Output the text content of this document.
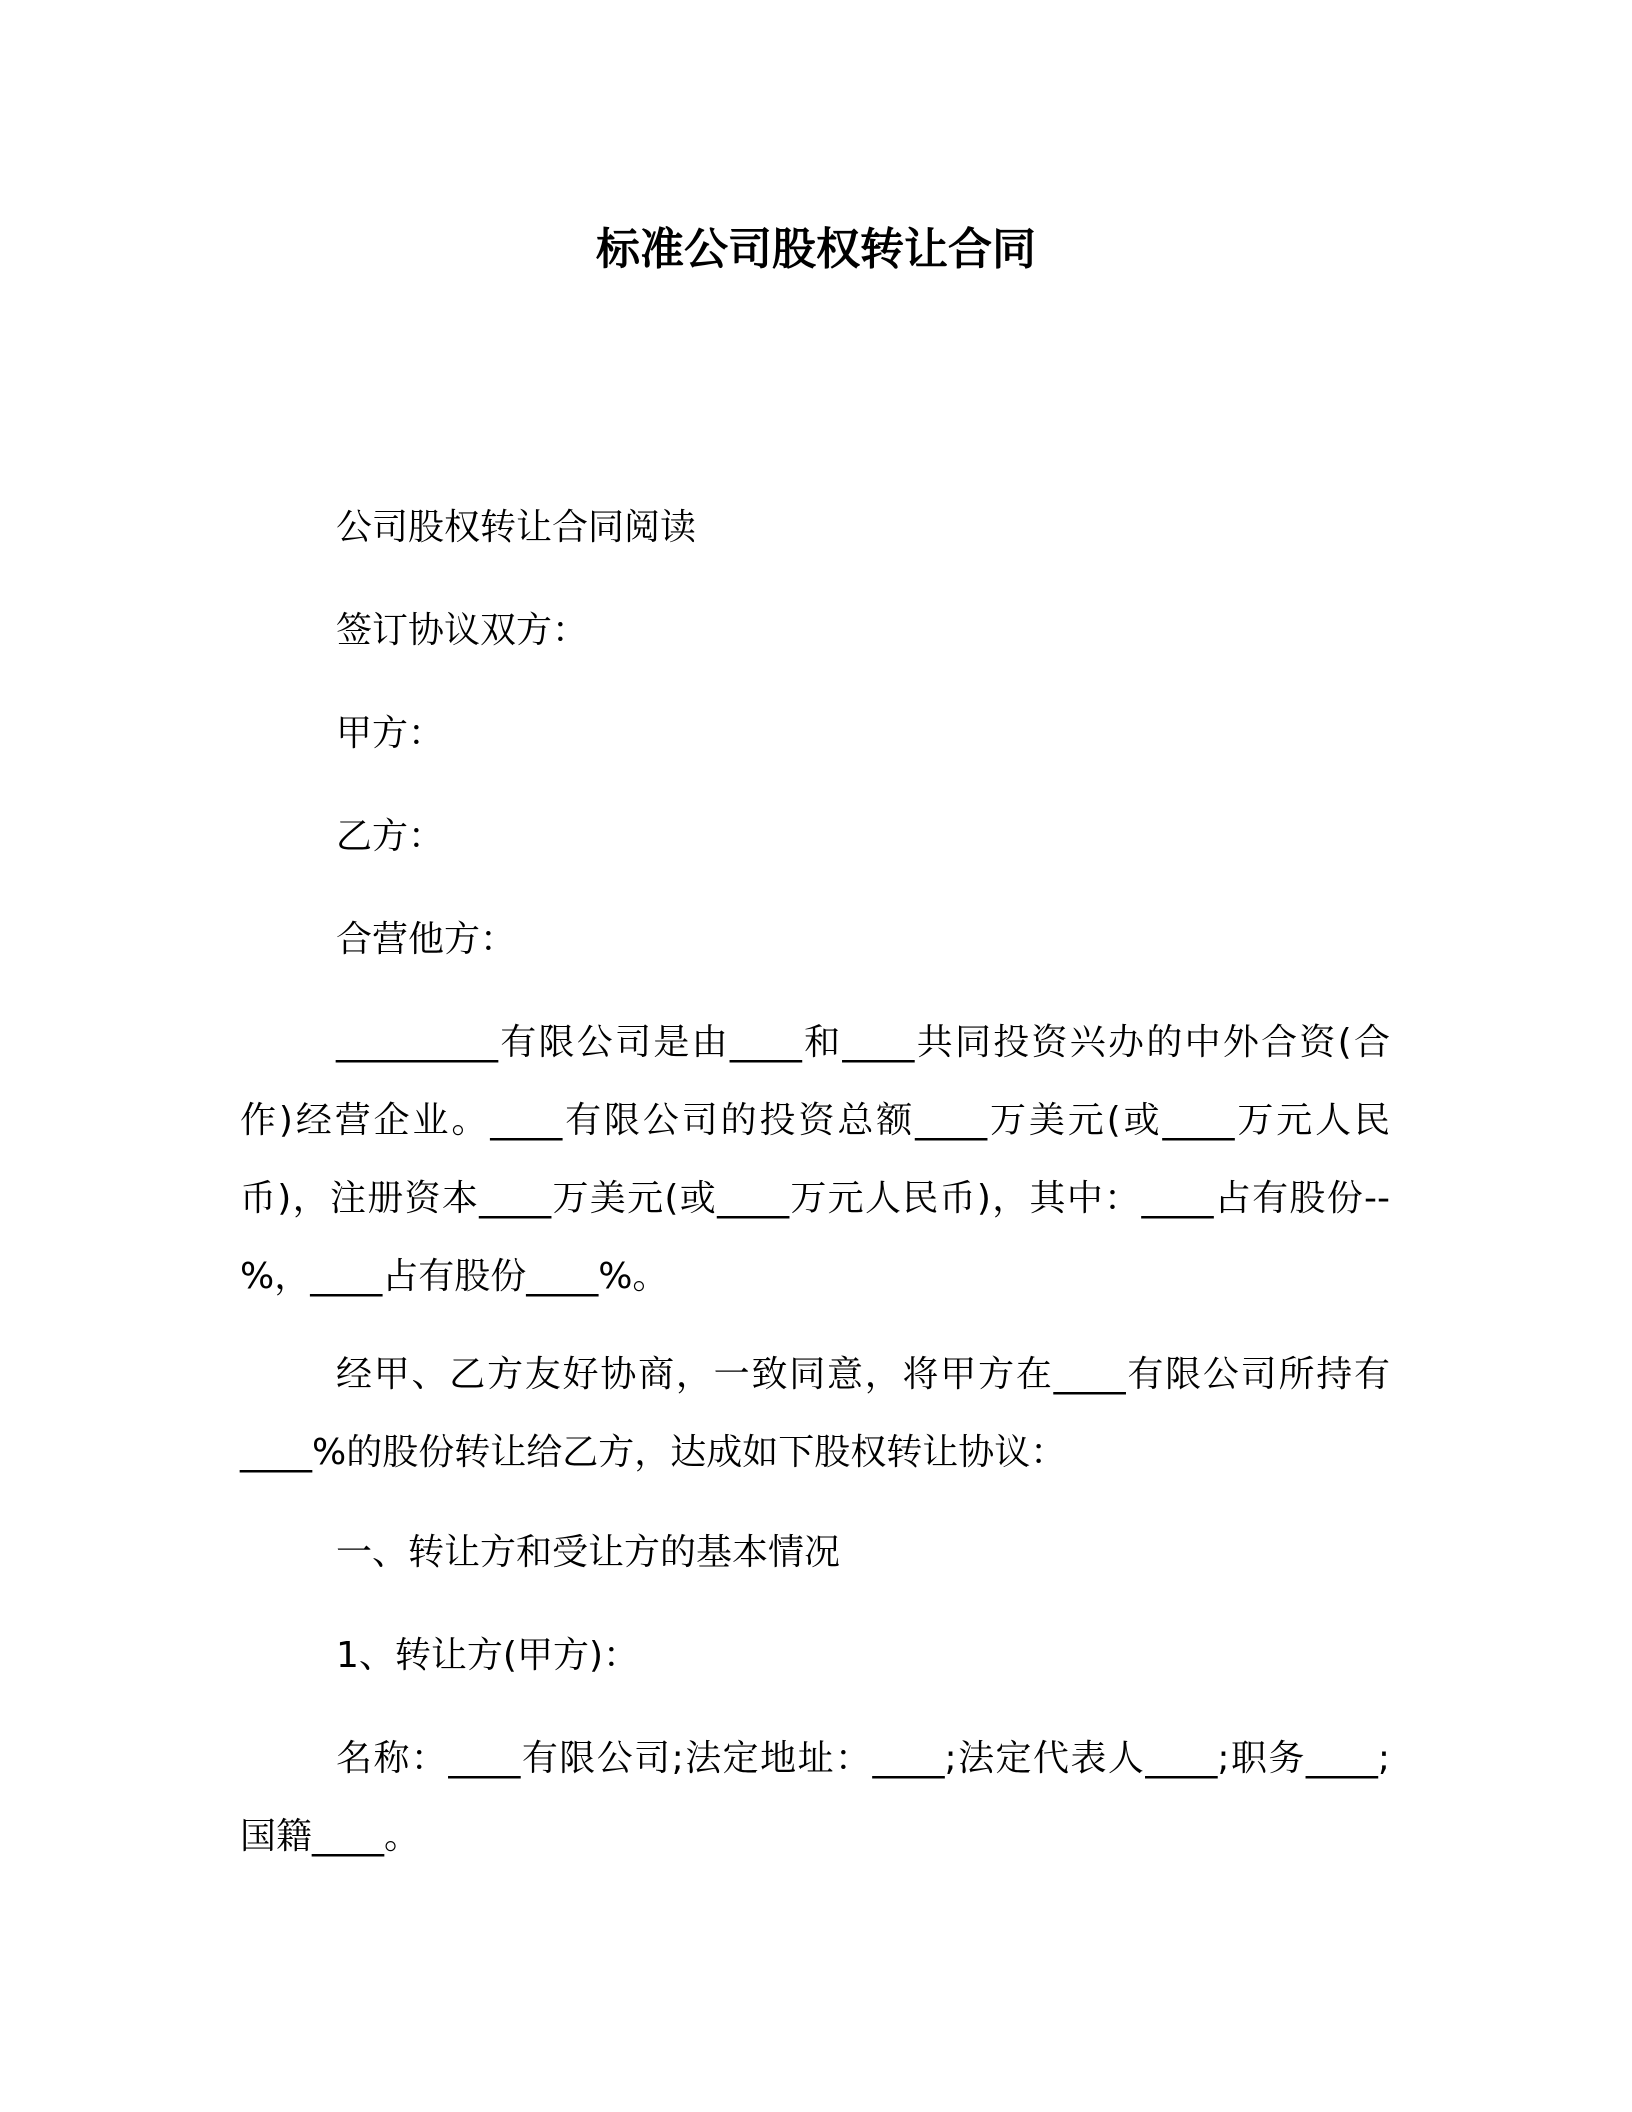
标准公司股权转让合同
公司股权转让合同阅读
签订协议双方：
甲方：
乙方：
合营他方：
_________有限公司是由____和____共同投资兴办的中外合资(合作)经营企业。____有限公司的投资总额____万美元(或____万元人民币)，注册资本____万美元(或____万元人民币)，其中：____占有股份--%，____占有股份____%。
经甲、乙方友好协商，一致同意，将甲方在____有限公司所持有____%的股份转让给乙方，达成如下股权转让协议：
一、转让方和受让方的基本情况
1、转让方(甲方)：
名称：____有限公司;法定地址：____;法定代表人____;职务____;国籍____。
